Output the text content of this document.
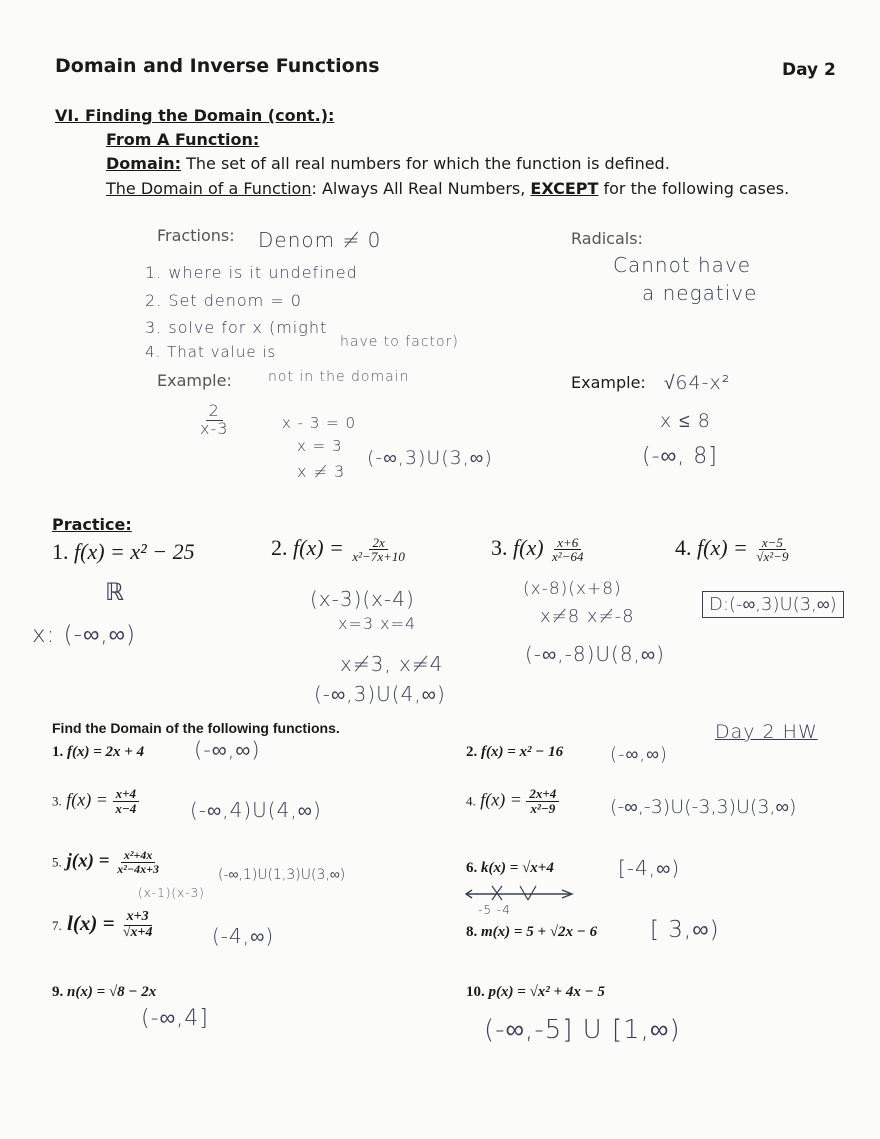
Domain and Inverse Functions	Day 2
VI. Finding the Domain (cont.):
From A Function:
Domain: The set of all real numbers for which the function is defined.
The Domain of a Function: Always All Real Numbers, EXCEPT for the following cases.
Fractions: Denom ≠ 0
1. where is it undefined
2. Set denom = 0
3. solve for x (might
4. That value is
have to factor)
not in the domain
Example:
$\frac{2}{x-3}$	x - 3 = 0
x = 3
x ≠ 3
(-∞,3)U(3,∞)
Radicals:
Cannot have
a negative
Example: √64-x²
x ≤ 8
(-∞, 8]
Practice:
1. f(x) = x² − 25
ℝ
x: (-∞,∞)
2. $f(x) = \frac{2x}{\text{x²−7x+10}}$
(x-3)(x-4)
x=3 x=4
x≠3, x≠4
(-∞,3)U(4,∞)
3. $f(x) \frac{x+6}{\text{x²−64}}$
(x-8)(x+8)
x≠8 x≠-8
(-∞,-8)U(8,∞)
4. $f(x) = \frac{x-5}{\text{√x²−9}}$
D:(-∞,3)U(3,∞)
Find the Domain of the following functions.	Day 2 HW
1. f(x) = 2x + 4 (-∞,∞)	2. f(x) = x² − 16	(-∞,∞)
3. $f(x) = \frac{x+4}{x-4}$	(-∞,4)U(4,∞)	4. $f(x) = \frac{2x+4}{\text{x²−9}}$	(-∞,-3)U(-3,3)U(3,∞)
5. $j(x) = \frac{\text{x²+4x}}{\text{x²−4x+3}}$
(x-1)(x-3)
(-∞,1)U(1,3)U(3,∞)	6. k(x) = √x+4
-5 -4
[-4,∞)
7. $l(x) = \frac{x+3}{√x+4}$	(-4,∞)	8. m(x) = 5 + √2x − 6 [ 3,∞)
9. n(x) = √8 − 2x
(-∞,4]
10. p(x) = √x² + 4x − 5
(-∞,-5] U [1,∞)
